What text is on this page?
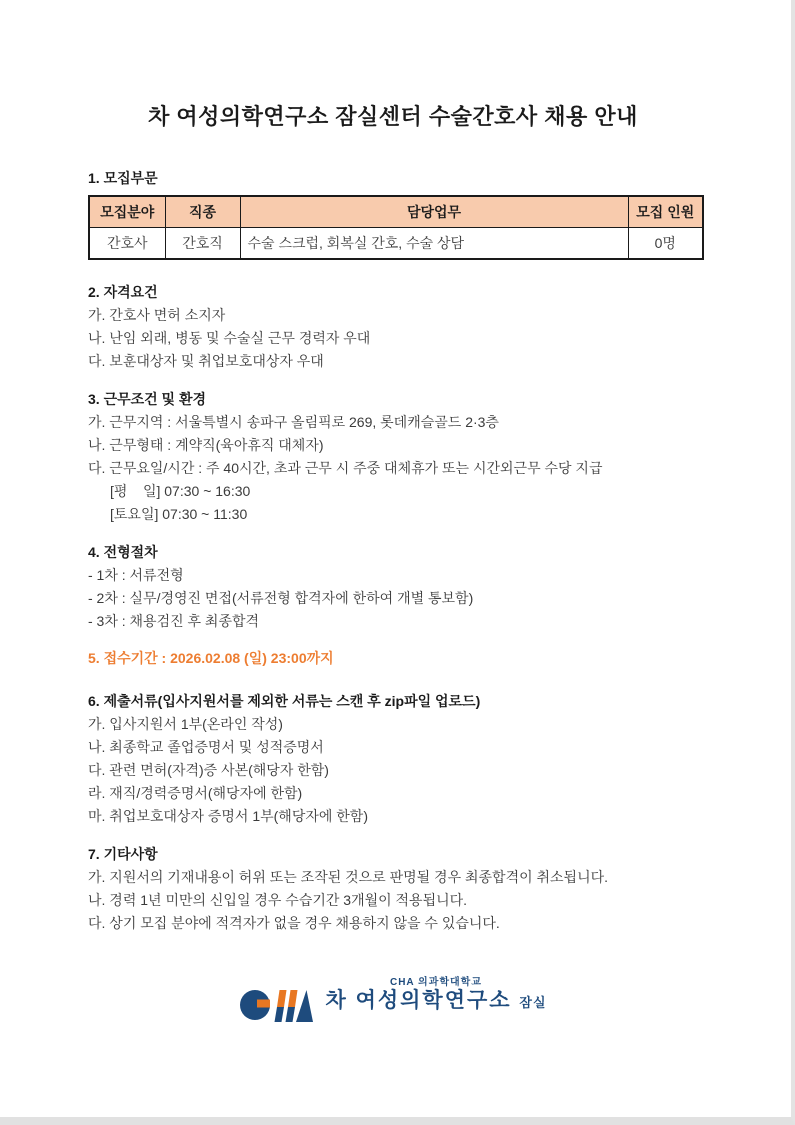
차 여성의학연구소 잠실센터 수술간호사 채용 안내
1. 모집부문
모집분야	직종	담당업무	모집 인원
간호사	간호직	수술 스크럽, 회복실 간호, 수술 상담	0명
2. 자격요건
가. 간호사 면허 소지자
나. 난임 외래, 병동 및 수술실 근무 경력자 우대
다. 보훈대상자 및 취업보호대상자 우대
3. 근무조건 및 환경
가. 근무지역 : 서울특별시 송파구 올림픽로 269, 롯데캐슬골드 2·3층
나. 근무형태 : 계약직(육아휴직 대체자)
다. 근무요일/시간 : 주 40시간, 초과 근무 시 주중 대체휴가 또는 시간외근무 수당 지급
[평    일] 07:30 ~ 16:30
[토요일] 07:30 ~ 11:30
4. 전형절차
- 1차 : 서류전형
- 2차 : 실무/경영진 면접(서류전형 합격자에 한하여 개별 통보함)
- 3차 : 채용검진 후 최종합격
5. 접수기간 : 2026.02.08 (일) 23:00까지
6. 제출서류(입사지원서를 제외한 서류는 스캔 후 zip파일 업로드)
가. 입사지원서 1부(온라인 작성)
나. 최종학교 졸업증명서 및 성적증명서
다. 관련 면허(자격)증 사본(해당자 한함)
라. 재직/경력증명서(해당자에 한함)
마. 취업보호대상자 증명서 1부(해당자에 한함)
7. 기타사항
가. 지원서의 기재내용이 허위 또는 조작된 것으로 판명될 경우 최종합격이 취소됩니다.
나. 경력 1년 미만의 신입일 경우 수습기간 3개월이 적용됩니다.
다. 상기 모집 분야에 적격자가 없을 경우 채용하지 않을 수 있습니다.
CHA 의과학대학교
차 여성의학연구소 잠실
